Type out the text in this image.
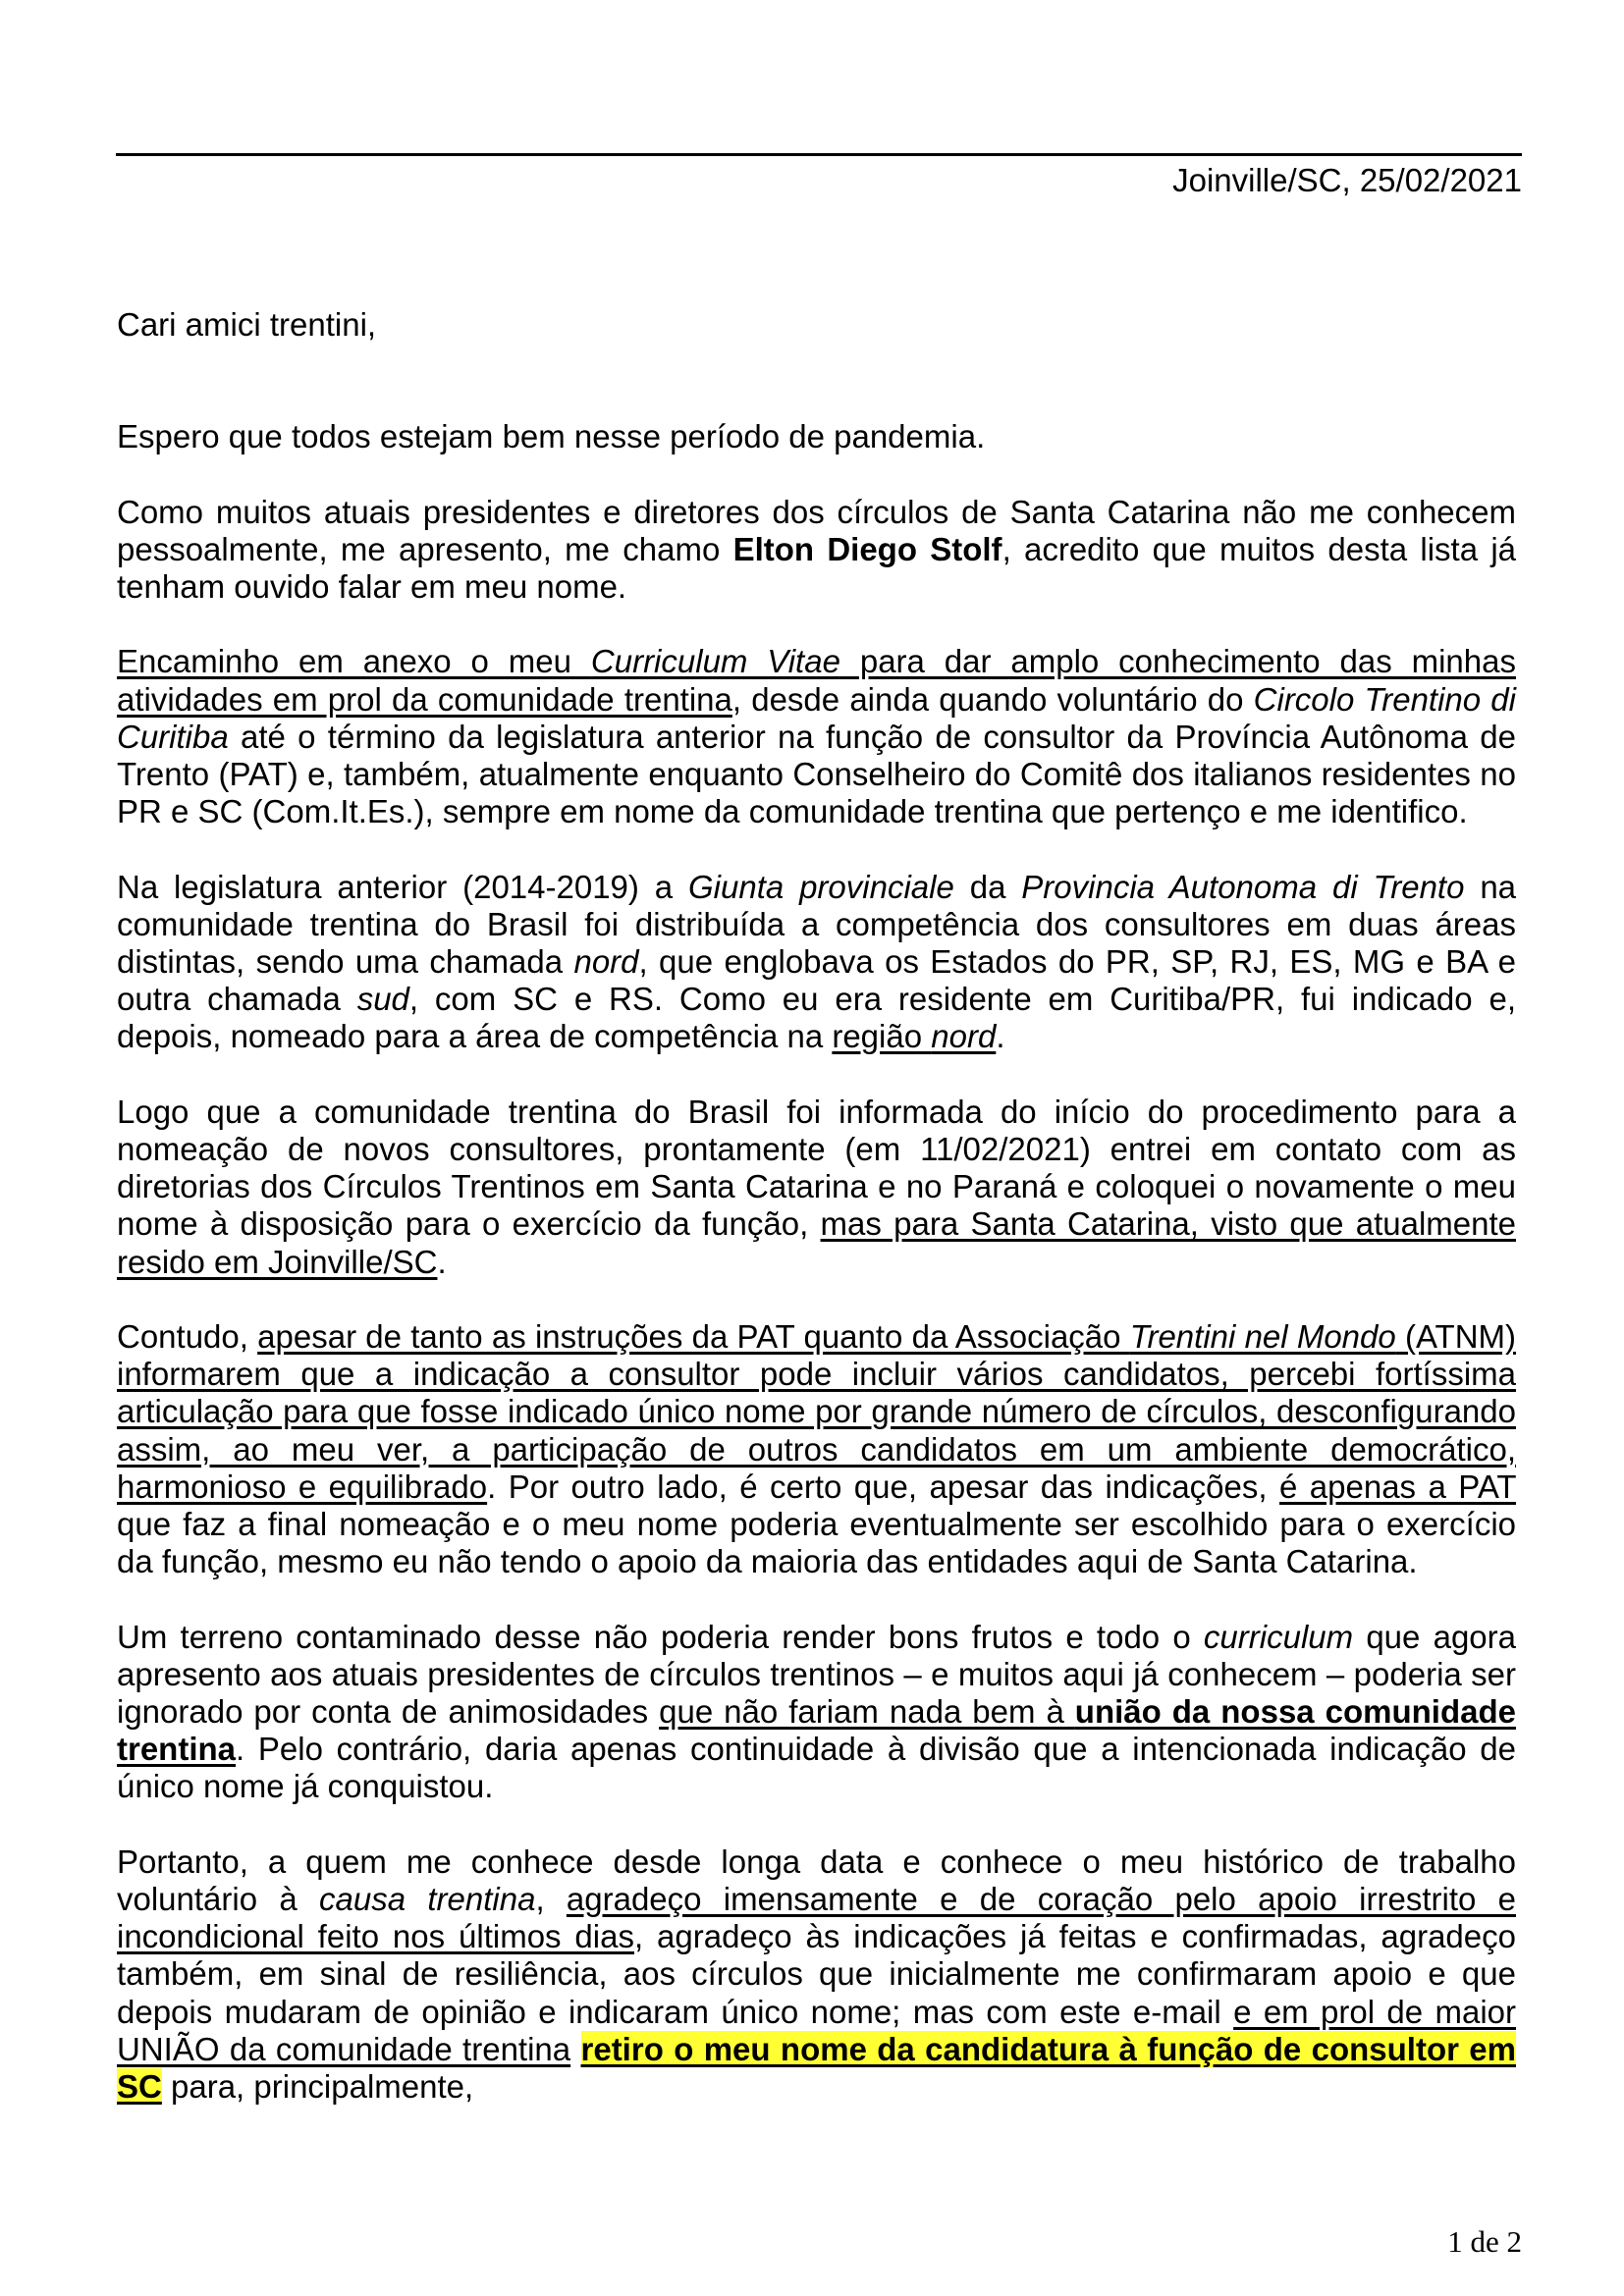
Joinville/SC, 25/02/2021

Cari amici trentini,

Espero que todos estejam bem nesse período de pandemia.

Como muitos atuais presidentes e diretores dos círculos de Santa Catarina não me conhecem pessoalmente, me apresento, me chamo Elton Diego Stolf, acredito que muitos desta lista já tenham ouvido falar em meu nome.

Encaminho em anexo o meu Curriculum Vitae para dar amplo conhecimento das minhas atividades em prol da comunidade trentina, desde ainda quando voluntário do Circolo Trentino di Curitiba até o término da legislatura anterior na função de consultor da Província Autônoma de Trento (PAT) e, também, atualmente enquanto Conselheiro do Comitê dos italianos residentes no PR e SC (Com.It.Es.), sempre em nome da comunidade trentina que pertenço e me identifico.

Na legislatura anterior (2014-2019) a Giunta provinciale da Provincia Autonoma di Trento na comunidade trentina do Brasil foi distribuída a competência dos consultores em duas áreas distintas, sendo uma chamada nord, que englobava os Estados do PR, SP, RJ, ES, MG e BA e outra chamada sud, com SC e RS. Como eu era residente em Curitiba/PR, fui indicado e, depois, nomeado para a área de competência na região nord.

Logo que a comunidade trentina do Brasil foi informada do início do procedimento para a nomeação de novos consultores, prontamente (em 11/02/2021) entrei em contato com as diretorias dos Círculos Trentinos em Santa Catarina e no Paraná e coloquei o novamente o meu nome à disposição para o exercício da função, mas para Santa Catarina, visto que atualmente resido em Joinville/SC.

Contudo, apesar de tanto as instruções da PAT quanto da Associação Trentini nel Mondo (ATNM) informarem que a indicação a consultor pode incluir vários candidatos, percebi fortíssima articulação para que fosse indicado único nome por grande número de círculos, desconfigurando assim, ao meu ver, a participação de outros candidatos em um ambiente democrático, harmonioso e equilibrado. Por outro lado, é certo que, apesar das indicações, é apenas a PAT que faz a final nomeação e o meu nome poderia eventualmente ser escolhido para o exercício da função, mesmo eu não tendo o apoio da maioria das entidades aqui de Santa Catarina.

Um terreno contaminado desse não poderia render bons frutos e todo o curriculum que agora apresento aos atuais presidentes de círculos trentinos – e muitos aqui já conhecem – poderia ser ignorado por conta de animosidades que não fariam nada bem à união da nossa comunidade trentina. Pelo contrário, daria apenas continuidade à divisão que a intencionada indicação de único nome já conquistou.

Portanto, a quem me conhece desde longa data e conhece o meu histórico de trabalho voluntário à causa trentina, agradeço imensamente e de coração pelo apoio irrestrito e incondicional feito nos últimos dias, agradeço às indicações já feitas e confirmadas, agradeço também, em sinal de resiliência, aos círculos que inicialmente me confirmaram apoio e que depois mudaram de opinião e indicaram único nome; mas com este e-mail e em prol de maior UNIÃO da comunidade trentina retiro o meu nome da candidatura à função de consultor em SC para, principalmente,

1 de 2
